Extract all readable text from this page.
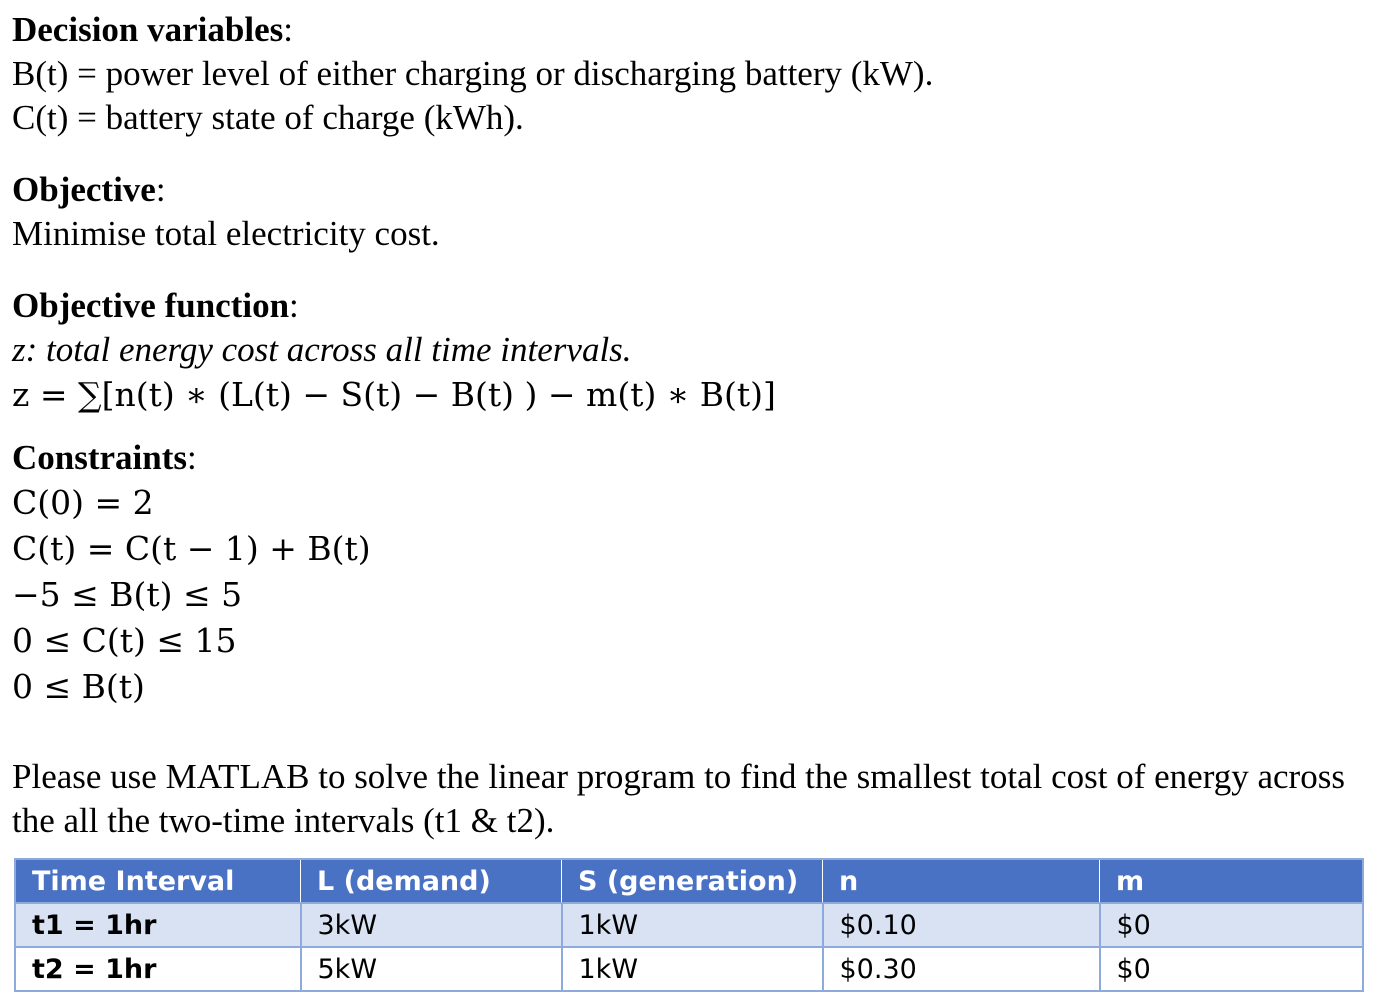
Decision variables:
B(t) = power level of either charging or discharging battery (kW).
C(t) = battery state of charge (kWh).
Objective:
Minimise total electricity cost.
Objective function:
z: total energy cost across all time intervals.
z = ∑[n(t) ∗ (L(t) − S(t) − B(t) ) − m(t) ∗ B(t)]
Constraints:
C(0) = 2
C(t) = C(t − 1) + B(t)
−5 ≤ B(t) ≤ 5
0 ≤ C(t) ≤ 15
0 ≤ B(t)
Please use MATLAB to solve the linear program to find the smallest total cost of energy across the all the two-time intervals (t1 & t2).
Time Interval	L (demand)	S (generation)	n	m
t1 = 1hr	3kW	1kW	$0.10	$0
t2 = 1hr	5kW	1kW	$0.30	$0
